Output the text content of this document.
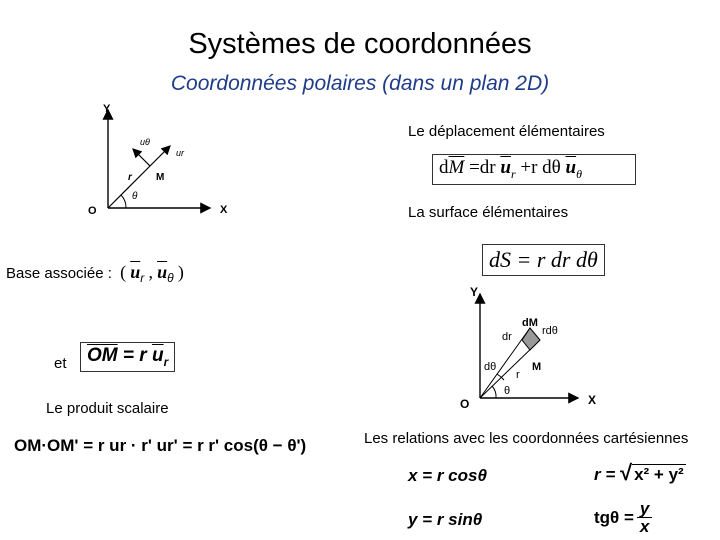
Systèmes de coordonnées
Coordonnées polaires (dans un plan 2D)
Y
X
O
uθ
ur
r M
θ
Base associée : ( $\overline{u}_r$ , $\overline{u}_\theta$ )
et	$\overline{OM} = r$ $\overline{u}_r$
Le produit scalaire
OM·OM' = r ur · r' ur' = r r' cos(θ − θ')
Le déplacement élémentaires
$d\overline{M} =dr$ $\overline{u}_r +r$ dθ $\overline{u}_\theta$
La surface élémentaires
dS = r dr dθ
Y
X
O
dM
dr	rdθ
dθ	M
r
θ
Les relations avec les coordonnées cartésiennes
x = r cosθ
y = r sinθ
r = √ x² + y²
$tg\theta = \frac{y}{x}$
